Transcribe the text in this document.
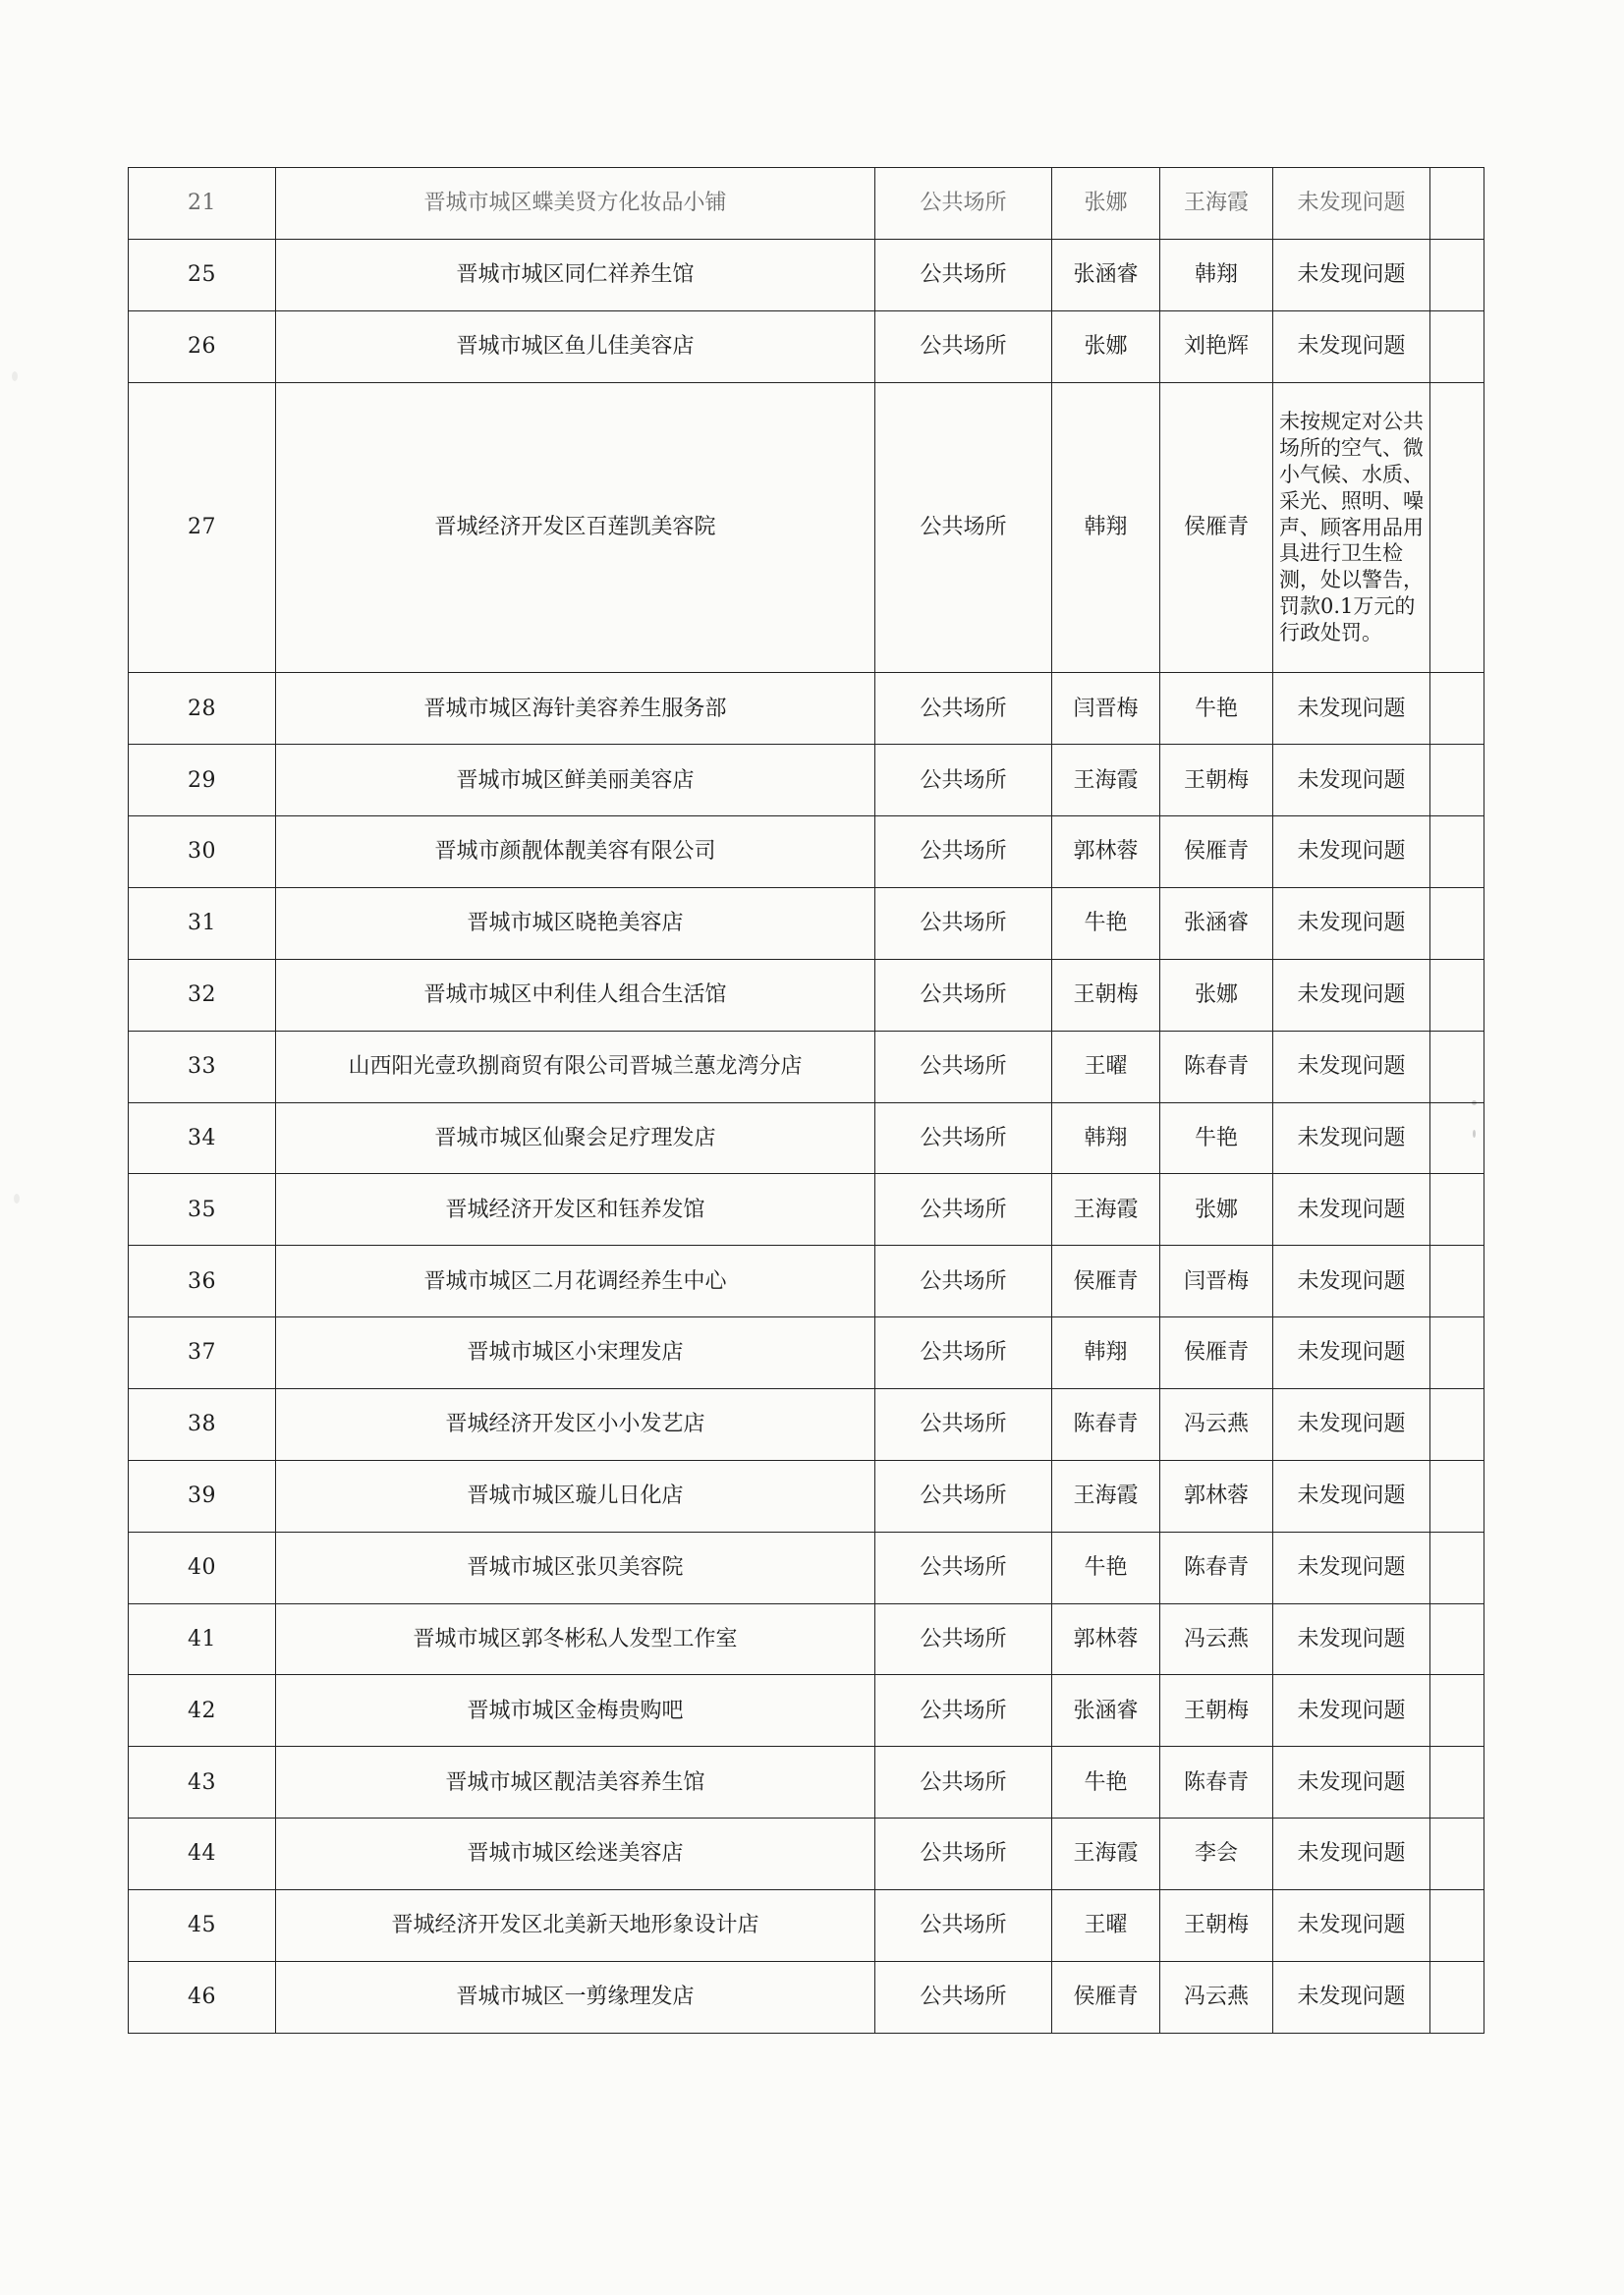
21	晋城市城区蝶美贤方化妆品小铺	公共场所	张娜	王海霞	未发现问题	
25	晋城市城区同仁祥养生馆	公共场所	张涵睿	韩翔	未发现问题	
26	晋城市城区鱼儿佳美容店	公共场所	张娜	刘艳辉	未发现问题	
27	晋城经济开发区百莲凯美容院	公共场所	韩翔	侯雁青	未按规定对公共场所的空气、微小气候、水质、采光、照明、噪声、顾客用品用具进行卫生检测，处以警告，罚款0.1万元的行政处罚。	
28	晋城市城区海针美容养生服务部	公共场所	闫晋梅	牛艳	未发现问题	
29	晋城市城区鲜美丽美容店	公共场所	王海霞	王朝梅	未发现问题	
30	晋城市颜靓体靓美容有限公司	公共场所	郭林蓉	侯雁青	未发现问题	
31	晋城市城区晓艳美容店	公共场所	牛艳	张涵睿	未发现问题	
32	晋城市城区中利佳人组合生活馆	公共场所	王朝梅	张娜	未发现问题	
33	山西阳光壹玖捌商贸有限公司晋城兰蕙龙湾分店	公共场所	王曜	陈春青	未发现问题	
34	晋城市城区仙聚会足疗理发店	公共场所	韩翔	牛艳	未发现问题	
35	晋城经济开发区和钰养发馆	公共场所	王海霞	张娜	未发现问题	
36	晋城市城区二月花调经养生中心	公共场所	侯雁青	闫晋梅	未发现问题	
37	晋城市城区小宋理发店	公共场所	韩翔	侯雁青	未发现问题	
38	晋城经济开发区小小发艺店	公共场所	陈春青	冯云燕	未发现问题	
39	晋城市城区璇儿日化店	公共场所	王海霞	郭林蓉	未发现问题	
40	晋城市城区张贝美容院	公共场所	牛艳	陈春青	未发现问题	
41	晋城市城区郭冬彬私人发型工作室	公共场所	郭林蓉	冯云燕	未发现问题	
42	晋城市城区金梅贵购吧	公共场所	张涵睿	王朝梅	未发现问题	
43	晋城市城区靓洁美容养生馆	公共场所	牛艳	陈春青	未发现问题	
44	晋城市城区绘迷美容店	公共场所	王海霞	李会	未发现问题	
45	晋城经济开发区北美新天地形象设计店	公共场所	王曜	王朝梅	未发现问题	
46	晋城市城区一剪缘理发店	公共场所	侯雁青	冯云燕	未发现问题	
